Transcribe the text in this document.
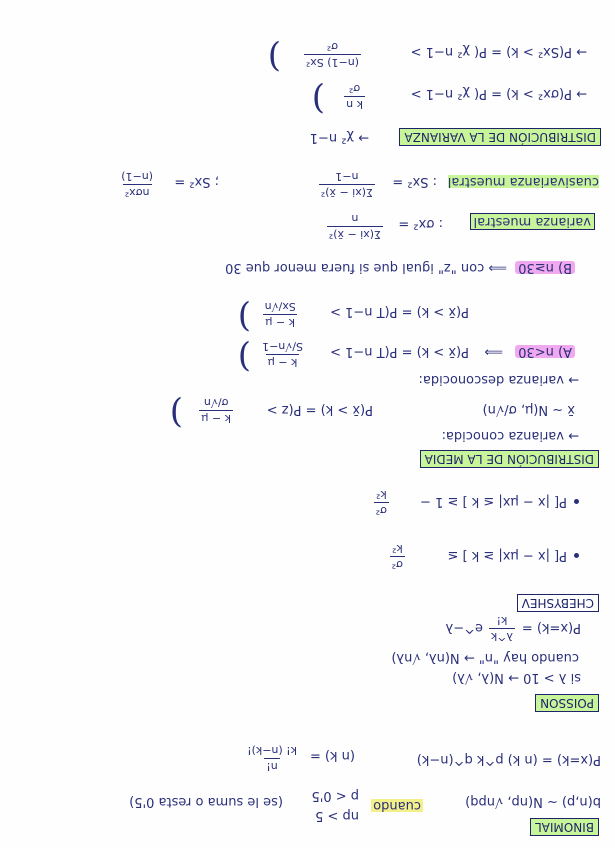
BINOMIAL
b(n,p) ~ N(np, √npq)
cuando
np > 5
p < 0'5
(se le suma o resta 0'5)
P(x=k) = (n k) p^k q^(n−k)
(n k) =
n!
k! (n−k)!
POISSON
si λ > 10 → N(λ, √λ)
cuando hay "n" → N(nλ, √nλ)
P(x=k) =
λ^k
k!
e^−λ
CHEBYSHEV
P[ |x − μx| ≥ k ] ≤
σ²
k²
P[ |x − μx| ≤ k ] ≥ 1 −
σ²
k²
DISTRIBUCIÓN DE LA MEDIA
→ varianza conocida:
x̄ ~ N(μ, σ/√n)
P(x̄ > k) = P(z >
k − μ
σ/√n
)
→ varianza desconocida:
A) n<30
⟹
P(x̄ > k) = P(T n−1 >
k − μ
S/√n−1
)
P(x̄ > k) = P(T n−1 >
k − μ
Sx/√n
)
B) n≥30
⟹ con "z" igual que si fuera menor que 30
varianza muestral
: σx² =
Σ(xi − x̄)²
n
cuasivarianza muestral
: Sx² =
Σ(xi − x̄)²
n−1
; Sx² =
nσx²
(n−1)
DISTRIBUCIÓN DE LA VARIANZA
→ χ² n−1
→ P(σx² > k) = P( χ² n−1 >
k n
σ²
)
→ P(Sx² > k) = P( χ² n−1 >
(n−1) Sx²
σ²
)
